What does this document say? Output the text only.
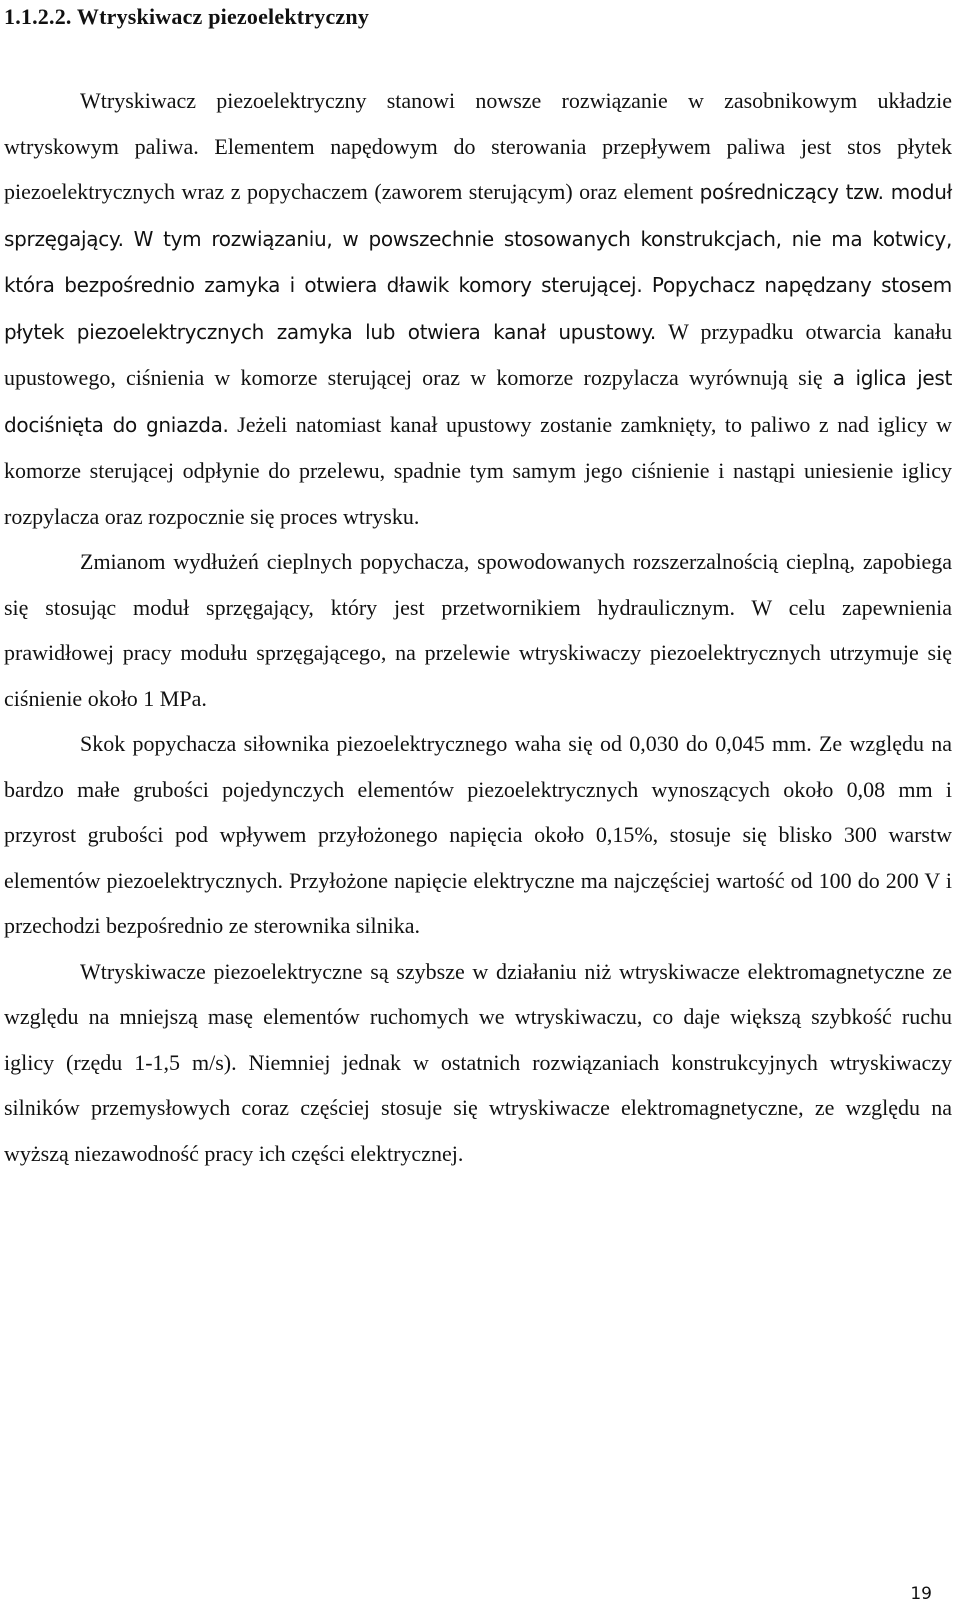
1.1.2.2. Wtryskiwacz piezoelektryczny

Wtryskiwacz piezoelektryczny stanowi nowsze rozwiązanie w zasobnikowym układzie wtryskowym paliwa. Elementem napędowym do sterowania przepływem paliwa jest stos płytek piezoelektrycznych wraz z popychaczem (zaworem sterującym) oraz element pośredniczący tzw. moduł sprzęgający. W tym rozwiązaniu, w powszechnie stosowanych konstrukcjach, nie ma kotwicy, która bezpośrednio zamyka i otwiera dławik komory sterującej. Popychacz napędzany stosem płytek piezoelektrycznych zamyka lub otwiera kanał upustowy. W przypadku otwarcia kanału upustowego, ciśnienia w komorze sterującej oraz w komorze rozpylacza wyrównują się a iglica jest dociśnięta do gniazda. Jeżeli natomiast kanał upustowy zostanie zamknięty, to paliwo z nad iglicy w komorze sterującej odpłynie do przelewu, spadnie tym samym jego ciśnienie i nastąpi uniesienie iglicy rozpylacza oraz rozpocznie się proces wtrysku.

Zmianom wydłużeń cieplnych popychacza, spowodowanych rozszerzalnością cieplną, zapobiega się stosując moduł sprzęgający, który jest przetwornikiem hydraulicznym. W celu zapewnienia prawidłowej pracy modułu sprzęgającego, na przelewie wtryskiwaczy piezoelektrycznych utrzymuje się ciśnienie około 1 MPa.

Skok popychacza siłownika piezoelektrycznego waha się od 0,030 do 0,045 mm. Ze względu na bardzo małe grubości pojedynczych elementów piezoelektrycznych wynoszących około 0,08 mm i przyrost grubości pod wpływem przyłożonego napięcia około 0,15%, stosuje się blisko 300 warstw elementów piezoelektrycznych. Przyłożone napięcie elektryczne ma najczęściej wartość od 100 do 200 V i przechodzi bezpośrednio ze sterownika silnika.

Wtryskiwacze piezoelektryczne są szybsze w działaniu niż wtryskiwacze elektromagnetyczne ze względu na mniejszą masę elementów ruchomych we wtryskiwaczu, co daje większą szybkość ruchu iglicy (rzędu 1-1,5 m/s). Niemniej jednak w ostatnich rozwiązaniach konstrukcyjnych wtryskiwaczy silników przemysłowych coraz częściej stosuje się wtryskiwacze elektromagnetyczne, ze względu na wyższą niezawodność pracy ich części elektrycznej.

19
